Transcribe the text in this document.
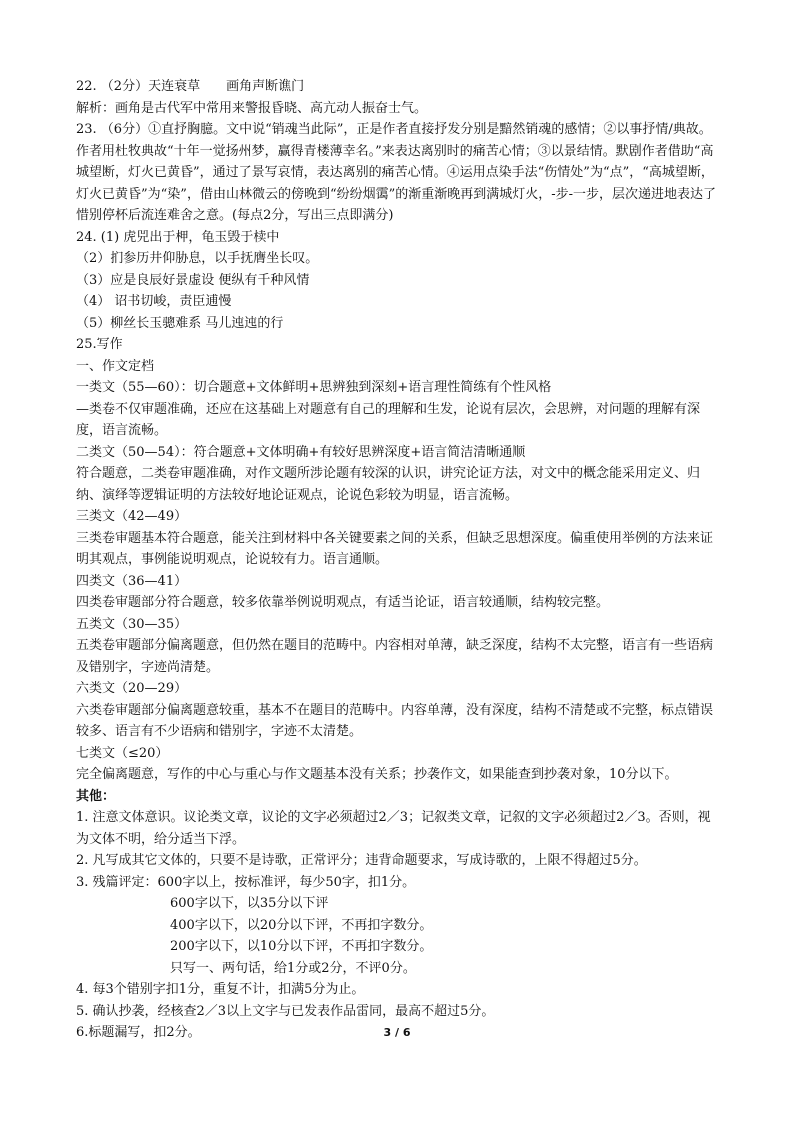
22. （2分）天连衰草　　画角声断谯门

解析：画角是古代军中常用来警报昏晓、高亢动人振奋士气。

23. （6分）①直抒胸臆。文中说“销魂当此际”，正是作者直接抒发分别是黯然销魂的感情；②以事抒情/典故。作者用杜牧典故“十年一觉扬州梦，赢得青楼薄幸名。”来表达离别时的痛苦心情；③以景结情。默剧作者借助“高城望断，灯火已黄昏”，通过了景写哀情，表达离别的痛苦心情。④运用点染手法“伤情处”为“点”，“高城望断，灯火已黄昏”为“染”，借由山林微云的傍晚到“纷纷烟霭”的渐重渐晚再到满城灯火，-步-一步，层次递进地表达了惜别停杯后流连难舍之意。(每点2分，写出三点即满分)

24. (1) 虎兕出于柙，龟玉毁于椟中

（2）扪参历井仰胁息，以手抚膺坐长叹。

（3）应是良辰好景虚设 便纵有千种风情

（4） 诏书切峻，责臣逋慢

（5）柳丝长玉骢难系 马儿迍迍的行

25.写作

一、作文定档

一类文（55—60）：切合题意+文体鲜明+思辨独到深刻+语言理性简练有个性风格

—类卷不仅审题准确，还应在这基础上对题意有自己的理解和生发，论说有层次，会思辨，对问题的理解有深度，语言流畅。

二类文（50—54）：符合题意+文体明确+有较好思辨深度+语言简洁清晰通顺

符合题意，二类卷审题准确，对作文题所涉论题有较深的认识，讲究论证方法，对文中的概念能采用定义、归纳、演绎等逻辑证明的方法较好地论证观点，论说色彩较为明显，语言流畅。

三类文（42—49）

三类卷审题基本符合题意，能关注到材料中各关键要素之间的关系，但缺乏思想深度。偏重使用举例的方法来证明其观点，事例能说明观点，论说较有力。语言通顺。

四类文（36—41）

四类卷审题部分符合题意，较多依靠举例说明观点，有适当论证，语言较通顺，结构较完整。

五类文（30—35）

五类卷审题部分偏离题意，但仍然在题目的范畴中。内容相对单薄，缺乏深度，结构不太完整，语言有一些语病及错别字，字迹尚清楚。

六类文（20—29）

六类卷审题部分偏离题意较重，基本不在题目的范畴中。内容单薄，没有深度，结构不清楚或不完整，标点错误较多、语言有不少语病和错别字，字迹不太清楚。

七类文（≤20）

完全偏离题意，写作的中心与重心与作文题基本没有关系；抄袭作文，如果能查到抄袭对象，10分以下。

其他：

1. 注意文体意识。议论类文章，议论的文字必须超过2／3；记叙类文章，记叙的文字必须超过2／3。否则，视为文体不明，给分适当下浮。

2. 凡写成其它文体的，只要不是诗歌，正常评分；违背命题要求，写成诗歌的，上限不得超过5分。

3. 残篇评定：600字以上，按标准评，每少50字，扣1分。

600字以下，以35分以下评

400字以下，以20分以下评，不再扣字数分。

200字以下，以10分以下评，不再扣字数分。

只写一、两句话，给1分或2分，不评0分。

4. 每3个错别字扣1分，重复不计，扣满5分为止。

5. 确认抄袭，经核查2／3以上文字与已发表作品雷同，最高不超过5分。

6.标题漏写，扣2分。	3 / 6
